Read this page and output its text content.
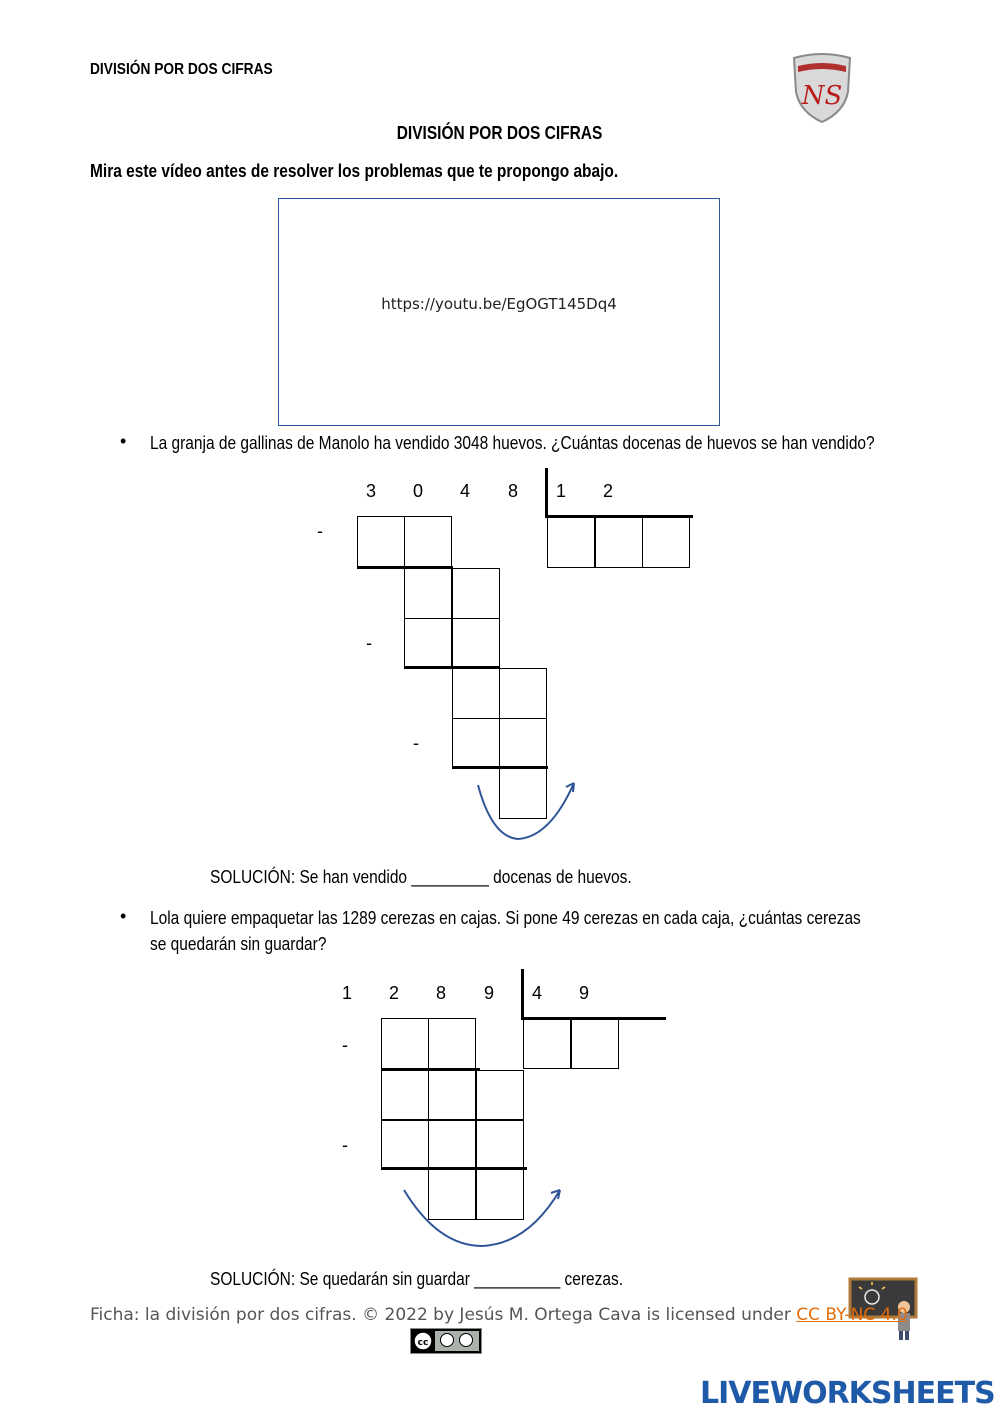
DIVISIÓN POR DOS CIFRAS
NS
DIVISIÓN POR DOS CIFRAS
Mira este vídeo antes de resolver los problemas que te propongo abajo.
https://youtu.be/EgOGT145Dq4
• La granja de gallinas de Manolo ha vendido 3048 huevos. ¿Cuántas docenas de huevos se han vendido?
3 0 4 8 1 2
-
-
-
SOLUCIÓN: Se han vendido _________ docenas de huevos.
• Lola quiere empaquetar las 1289 cerezas en cajas. Si pone 49 cerezas en cada caja, ¿cuántas cerezas
se quedarán sin guardar?
1 2 8 9 4 9
-
-
SOLUCIÓN: Se quedarán sin guardar __________ cerezas.
Ficha: la división por dos cifras. © 2022 by Jesús M. Ortega Cava is licensed under CC BY-NC 4.0
cc
LIVEWORKSHEETS
